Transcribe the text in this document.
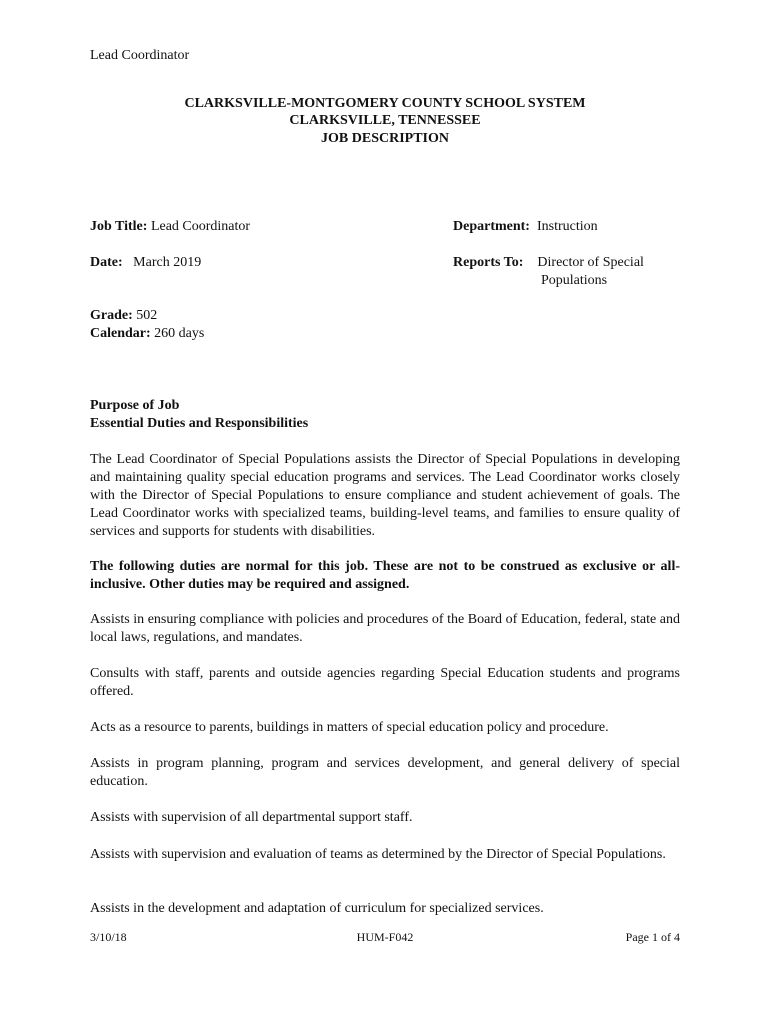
Lead Coordinator
CLARKSVILLE-MONTGOMERY COUNTY SCHOOL SYSTEM
CLARKSVILLE, TENNESSEE
JOB DESCRIPTION
Job Title: Lead Coordinator	Department: Instruction
Date: March 2019	Reports To: Director of Special
Populations
Grade: 502
Calendar: 260 days
Purpose of Job
Essential Duties and Responsibilities
The Lead Coordinator of Special Populations assists the Director of Special Populations in developing and maintaining quality special education programs and services. The Lead Coordinator works closely with the Director of Special Populations to ensure compliance and student achievement of goals. The Lead Coordinator works with specialized teams, building-level teams, and families to ensure quality of services and supports for students with disabilities.
The following duties are normal for this job. These are not to be construed as exclusive or all-inclusive. Other duties may be required and assigned.
Assists in ensuring compliance with policies and procedures of the Board of Education, federal, state and local laws, regulations, and mandates.
Consults with staff, parents and outside agencies regarding Special Education students and programs offered.
Acts as a resource to parents, buildings in matters of special education policy and procedure.
Assists in program planning, program and services development, and general delivery of special education.
Assists with supervision of all departmental support staff.
Assists with supervision and evaluation of teams as determined by the Director of Special Populations.
Assists in the development and adaptation of curriculum for specialized services.
3/10/18	HUM-F042	Page 1 of 4
